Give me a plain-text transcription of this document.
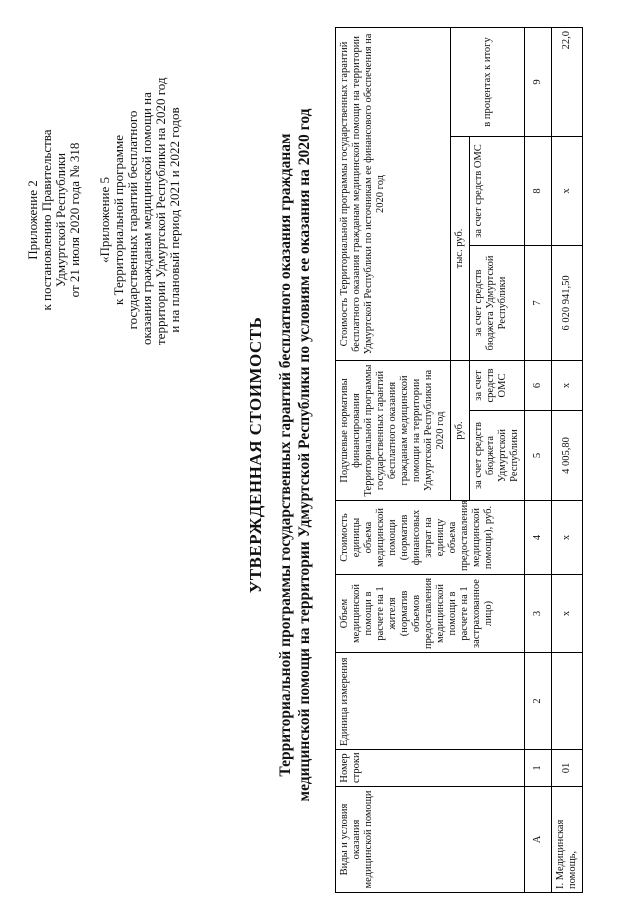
Приложение 2 к постановлению Правительства Удмуртской Республики от 21 июля 2020 года № 318 «Приложение 5 к Территориальной программе государственных гарантий бесплатного оказания гражданам медицинской помощи на территории Удмуртской Республики на 2020 год и на плановый период 2021 и 2022 годов
УТВЕРЖДЕННАЯ СТОИМОСТЬ Территориальной программы государственных гарантий бесплатного оказания гражданам медицинской помощи на территории Удмуртской Республики по условиям ее оказания на 2020 год
Виды и условия оказания медицинской помощи	Номер строки	Единица измерения	Объем медицинской помощи в расчете на 1 жителя (норматив объемов предоставления медицинской помощи в расчете на 1 застрахованное лицо)	Стоимость единицы объема медицинской помощи (норматив финансовых затрат на единицу объема предоставления медицинской помощи), руб.	Подушевые нормативы финансирования Территориальной программы государственных гарантий бесплатного оказания гражданам медицинской помощи на территории Удмуртской Республики на 2020 год		Стоимость Территориальной программы государственных гарантий бесплатного оказания гражданам медицинской помощи на территории Удмуртской Республики по источникам ее финансового обеспечения на 2020 год		
					руб.		тыс. руб.		в процентах к итогу
					за счет средств бюджета Удмуртской Республики	за счет средств ОМС	за счет средств бюджета Удмуртской Республики	за счет средств ОМС	
А	1	2	3	4	5	6	7	8	9
I. Медицинская помощь,	01		х	х	4 005,80	х	6 020 941,50	х	22,0
